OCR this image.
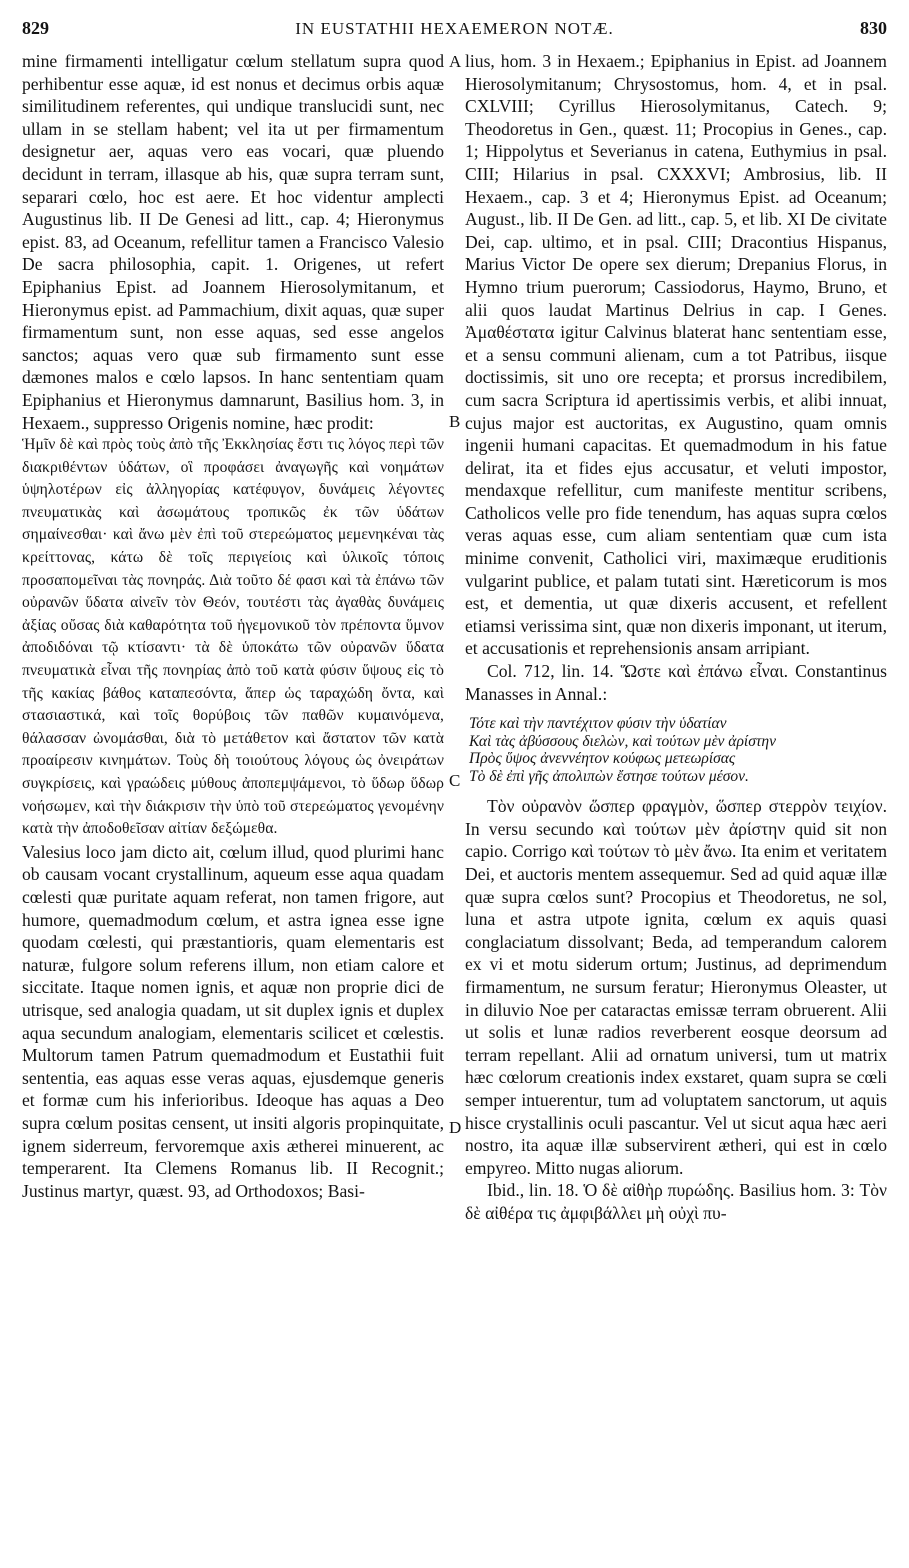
829	IN EUSTATHII HEXAEMERON NOTÆ.	830

mine firmamenti intelligatur cœlum stellatum supra quod perhibentur esse aquæ, id est nonus et decimus orbis aquæ similitudinem referentes, qui undique translucidi sunt, nec ullam in se stellam habent; vel ita ut per firmamentum designetur aer, aquas vero eas vocari, quæ pluendo decidunt in terram, illasque ab his, quæ supra terram sunt, separari cœlo, hoc est aere. Et hoc videntur amplecti Augustinus lib. II De Genesi ad litt., cap. 4; Hieronymus epist. 83, ad Oceanum, refellitur tamen a Francisco Valesio De sacra philosophia, capit. 1. Origenes, ut refert Epiphanius Epist. ad Joannem Hierosolymitanum, et Hieronymus epist. ad Pammachium, dixit aquas, quæ super firmamentum sunt, non esse aquas, sed esse angelos sanctos; aquas vero quæ sub firmamento sunt esse dæmones malos e cœlo lapsos. In hanc sententiam quam Epiphanius et Hieronymus damnarunt, Basilius hom. 3, in Hexaem., suppresso Origenis nomine, hæc prodit:

Ἡμῖν δὲ καὶ πρὸς τοὺς ἀπὸ τῆς Ἐκκλησίας ἔστι τις λόγος περὶ τῶν διακριθέντων ὑδάτων, οἳ προφάσει ἀναγωγῆς καὶ νοημάτων ὑψηλοτέρων εἰς ἀλληγορίας κατέφυγον, δυνάμεις λέγοντες πνευματικὰς καὶ ἀσωμάτους τροπικῶς ἐκ τῶν ὑδάτων σημαίνεσθαι· καὶ ἄνω μὲν ἐπὶ τοῦ στερεώματος μεμενηκέναι τὰς κρείττονας, κάτω δὲ τοῖς περιγείοις καὶ ὑλικοῖς τόποις προσαπομεῖναι τὰς πονηράς. Διὰ τοῦτο δέ φασι καὶ τὰ ἐπάνω τῶν οὐρανῶν ὕδατα αἰνεῖν τὸν Θεόν, τουτέστι τὰς ἀγαθὰς δυνάμεις ἀξίας οὔσας διὰ καθαρότητα τοῦ ἡγεμονικοῦ τὸν πρέποντα ὕμνον ἀποδιδόναι τῷ κτίσαντι· τὰ δὲ ὑποκάτω τῶν οὐρανῶν ὕδατα πνευματικὰ εἶναι τῆς πονηρίας ἀπὸ τοῦ κατὰ φύσιν ὕψους εἰς τὸ τῆς κακίας βάθος καταπεσόντα, ἅπερ ὡς ταραχώδη ὄντα, καὶ στασιαστικά, καὶ τοῖς θορύβοις τῶν παθῶν κυμαινόμενα, θάλασσαν ὠνομάσθαι, διὰ τὸ μετάθετον καὶ ἄστατον τῶν κατὰ προαίρεσιν κινημάτων. Τοὺς δὴ τοιούτους λόγους ὡς ὀνειράτων συγκρίσεις, καὶ γραώδεις μύθους ἀποπεμψάμενοι, τὸ ὕδωρ ὕδωρ νοήσωμεν, καὶ τὴν διάκρισιν τὴν ὑπὸ τοῦ στερεώματος γενομένην κατὰ τὴν ἀποδοθεῖσαν αἰτίαν δεξώμεθα.

Valesius loco jam dicto ait, cœlum illud, quod plurimi hanc ob causam vocant crystallinum, aqueum esse aqua quadam cœlesti quæ puritate aquam referat, non tamen frigore, aut humore, quemadmodum cœlum, et astra ignea esse igne quodam cœlesti, qui præstantioris, quam elementaris est naturæ, fulgore solum referens illum, non etiam calore et siccitate. Itaque nomen ignis, et aquæ non proprie dici de utrisque, sed analogia quadam, ut sit duplex ignis et duplex aqua secundum analogiam, elementaris scilicet et cœlestis. Multorum tamen Patrum quemadmodum et Eustathii fuit sententia, eas aquas esse veras aquas, ejusdemque generis et formæ cum his inferioribus. Ideoque has aquas a Deo supra cœlum positas censent, ut insiti algoris propinquitate, ignem siderreum, fervoremque axis ætherei minuerent, ac temperarent. Ita Clemens Romanus lib. II Recognit.; Justinus martyr, quæst. 93, ad Orthodoxos; Basi-

A
B
C
D

lius, hom. 3 in Hexaem.; Epiphanius in Epist. ad Joannem Hierosolymitanum; Chrysostomus, hom. 4, et in psal. CXLVIII; Cyrillus Hierosolymitanus, Catech. 9; Theodoretus in Gen., quæst. 11; Procopius in Genes., cap. 1; Hippolytus et Severianus in catena, Euthymius in psal. CIII; Hilarius in psal. CXXXVI; Ambrosius, lib. II Hexaem., cap. 3 et 4; Hieronymus Epist. ad Oceanum; August., lib. II De Gen. ad litt., cap. 5, et lib. XI De civitate Dei, cap. ultimo, et in psal. CIII; Dracontius Hispanus, Marius Victor De opere sex dierum; Drepanius Florus, in Hymno trium puerorum; Cassiodorus, Haymo, Bruno, et alii quos laudat Martinus Delrius in cap. I Genes. Ἀμαθέστατα igitur Calvinus blaterat hanc sententiam esse, et a sensu communi alienam, cum a tot Patribus, iisque doctissimis, sit uno ore recepta; et prorsus incredibilem, cum sacra Scriptura id apertissimis verbis, et alibi innuat, cujus major est auctoritas, ex Augustino, quam omnis ingenii humani capacitas. Et quemadmodum in his fatue delirat, ita et fides ejus accusatur, et veluti impostor, mendaxque refellitur, cum manifeste mentitur scribens, Catholicos velle pro fide tenendum, has aquas supra cœlos veras aquas esse, cum aliam sententiam quæ cum ista minime convenit, Catholici viri, maximæque eruditionis vulgarint publice, et palam tutati sint. Hæreticorum is mos est, et dementia, ut quæ dixeris accusent, et refellent etiamsi verissima sint, quæ non dixeris imponant, ut iterum, et accusationis et reprehensionis ansam arripiant.

Col. 712, lin. 14. Ὥστε καὶ ἐπάνω εἶναι. Constantinus Manasses in Annal.:

Τότε καὶ τὴν παντέχιτον φύσιν τὴν ὑδατίαν
Καὶ τὰς ἀβύσσους διελὼν, καὶ τούτων μὲν ἀρίστην
Πρὸς ὕψος ἀνεννέητον κούφως μετεωρίσας
Τὸ δὲ ἐπὶ γῆς ἀπολιπὼν ἔστησε τούτων μέσον.

Τὸν οὐρανὸν ὥσπερ φραγμὸν, ὥσπερ στερρὸν τειχίον. In versu secundo καὶ τούτων μὲν ἀρίστην quid sit non capio. Corrigo καὶ τούτων τὸ μὲν ἄνω. Ita enim et veritatem Dei, et auctoris mentem assequemur. Sed ad quid aquæ illæ quæ supra cœlos sunt? Procopius et Theodoretus, ne sol, luna et astra utpote ignita, cœlum ex aquis quasi conglaciatum dissolvant; Beda, ad temperandum calorem ex vi et motu siderum ortum; Justinus, ad deprimendum firmamentum, ne sursum feratur; Hieronymus Oleaster, ut in diluvio Noe per cataractas emissæ terram obruerent. Alii ut solis et lunæ radios reverberent eosque deorsum ad terram repellant. Alii ad ornatum universi, tum ut matrix hæc cœlorum creationis index exstaret, quam supra se cœli semper intuerentur, tum ad voluptatem sanctorum, ut aquis hisce crystallinis oculi pascantur. Vel ut sicut aqua hæc aeri nostro, ita aquæ illæ subservirent ætheri, qui est in cœlo empyreo. Mitto nugas aliorum.

Ibid., lin. 18. Ὁ δὲ αἰθὴρ πυρώδης. Basilius hom. 3: Τὸν δὲ αἰθέρα τις ἀμφιβάλλει μὴ οὐχὶ πυ-
